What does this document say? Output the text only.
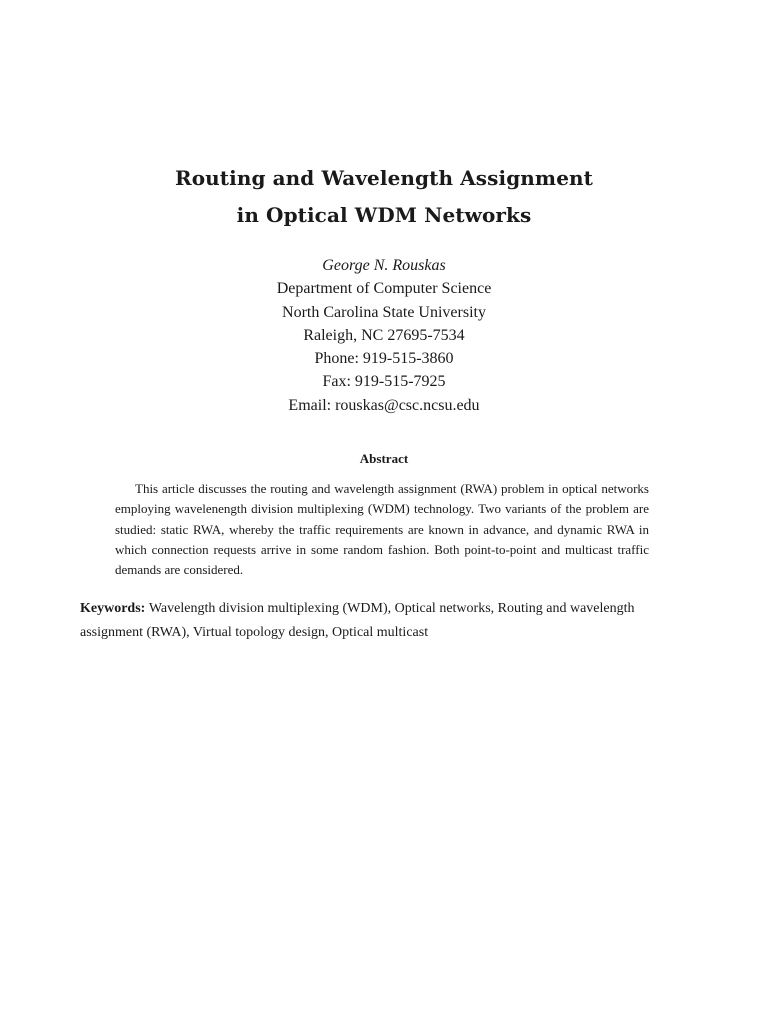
Routing and Wavelength Assignment
in Optical WDM Networks
George N. Rouskas
Department of Computer Science
North Carolina State University
Raleigh, NC 27695-7534
Phone: 919-515-3860
Fax: 919-515-7925
Email: rouskas@csc.ncsu.edu
Abstract
This article discusses the routing and wavelength assignment (RWA) problem in optical networks employing wavelenength division multiplexing (WDM) technology. Two variants of the problem are studied: static RWA, whereby the traffic requirements are known in advance, and dynamic RWA in which connection requests arrive in some random fashion. Both point-to-point and multicast traffic demands are considered.
Keywords: Wavelength division multiplexing (WDM), Optical networks, Routing and wavelength assignment (RWA), Virtual topology design, Optical multicast
